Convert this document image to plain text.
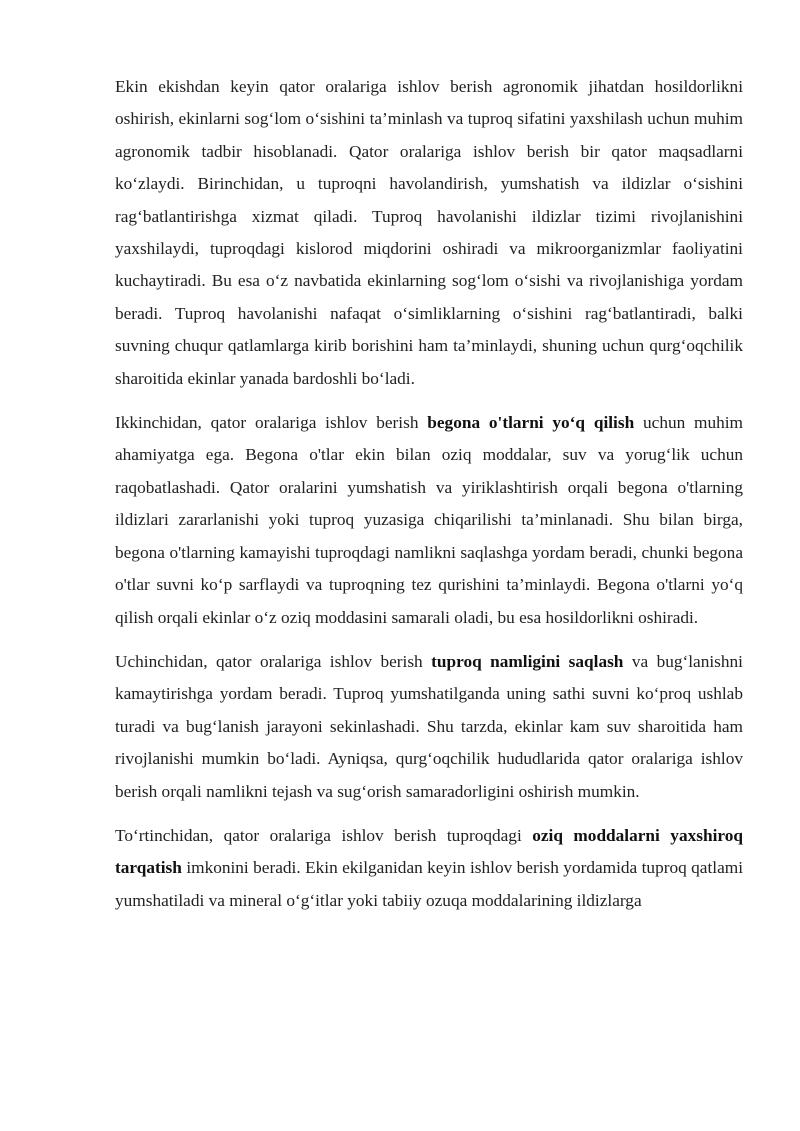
Ekin ekishdan keyin qator oralariga ishlov berish agronomik jihatdan hosildorlikni oshirish, ekinlarni sog‘lom o‘sishini ta’minlash va tuproq sifatini yaxshilash uchun muhim agronomik tadbir hisoblanadi. Qator oralariga ishlov berish bir qator maqsadlarni ko‘zlaydi. Birinchidan, u tuproqni havolandirish, yumshatish va ildizlar o‘sishini rag‘batlantirishga xizmat qiladi. Tuproq havolanishi ildizlar tizimi rivojlanishini yaxshilaydi, tuproqdagi kislorod miqdorini oshiradi va mikroorganizmlar faoliyatini kuchaytiradi. Bu esa o‘z navbatida ekinlarning sog‘lom o‘sishi va rivojlanishiga yordam beradi. Tuproq havolanishi nafaqat o‘simliklarning o‘sishini rag‘batlantiradi, balki suvning chuqur qatlamlarga kirib borishini ham ta’minlaydi, shuning uchun qurg‘oqchilik sharoitida ekinlar yanada bardoshli bo‘ladi.

Ikkinchidan, qator oralariga ishlov berish begona o'tlarni yo‘q qilish uchun muhim ahamiyatga ega. Begona o'tlar ekin bilan oziq moddalar, suv va yorug‘lik uchun raqobatlashadi. Qator oralarini yumshatish va yiriklashtirish orqali begona o'tlarning ildizlari zararlanishi yoki tuproq yuzasiga chiqarilishi ta’minlanadi. Shu bilan birga, begona o'tlarning kamayishi tuproqdagi namlikni saqlashga yordam beradi, chunki begona o'tlar suvni ko‘p sarflaydi va tuproqning tez qurishini ta’minlaydi. Begona o'tlarni yo‘q qilish orqali ekinlar o‘z oziq moddasini samarali oladi, bu esa hosildorlikni oshiradi.

Uchinchidan, qator oralariga ishlov berish tuproq namligini saqlash va bug‘lanishni kamaytirishga yordam beradi. Tuproq yumshatilganda uning sathi suvni ko‘proq ushlab turadi va bug‘lanish jarayoni sekinlashadi. Shu tarzda, ekinlar kam suv sharoitida ham rivojlanishi mumkin bo‘ladi. Ayniqsa, qurg‘oqchilik hududlarida qator oralariga ishlov berish orqali namlikni tejash va sug‘orish samaradorligini oshirish mumkin.

To‘rtinchidan, qator oralariga ishlov berish tuproqdagi oziq moddalarni yaxshiroq tarqatish imkonini beradi. Ekin ekilganidan keyin ishlov berish yordamida tuproq qatlami yumshatiladi va mineral o‘g‘itlar yoki tabiiy ozuqa moddalarining ildizlarga
